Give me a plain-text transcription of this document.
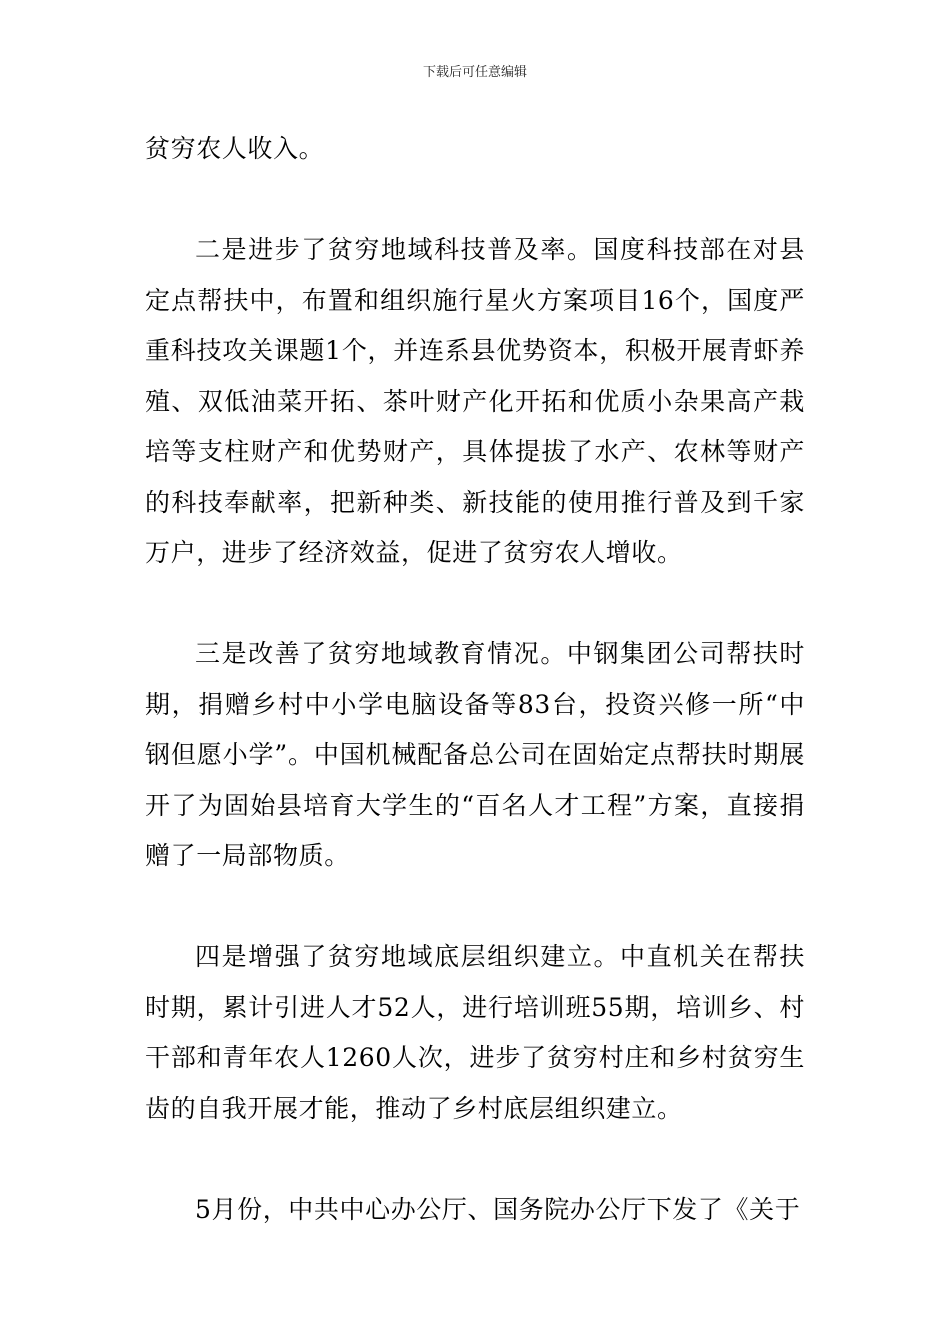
下载后可任意编辑

贫穷农人收入。

二是进步了贫穷地域科技普及率。国度科技部在对县定点帮扶中，布置和组织施行星火方案项目16个，国度严重科技攻关课题1个，并连系县优势资本，积极开展青虾养殖、双低油菜开拓、茶叶财产化开拓和优质小杂果高产栽培等支柱财产和优势财产，具体提拔了水产、农林等财产的科技奉献率，把新种类、新技能的使用推行普及到千家万户，进步了经济效益，促进了贫穷农人增收。

三是改善了贫穷地域教育情况。中钢集团公司帮扶时期，捐赠乡村中小学电脑设备等83台，投资兴修一所“中钢但愿小学”。中国机械配备总公司在固始定点帮扶时期展开了为固始县培育大学生的“百名人才工程”方案，直接捐赠了一局部物质。

四是增强了贫穷地域底层组织建立。中直机关在帮扶时期，累计引进人才52人，进行培训班55期，培训乡、村干部和青年农人1260人次，进步了贫穷村庄和乡村贫穷生齿的自我开展才能，推动了乡村底层组织建立。

5月份，中共中心办公厅、国务院办公厅下发了《关于
